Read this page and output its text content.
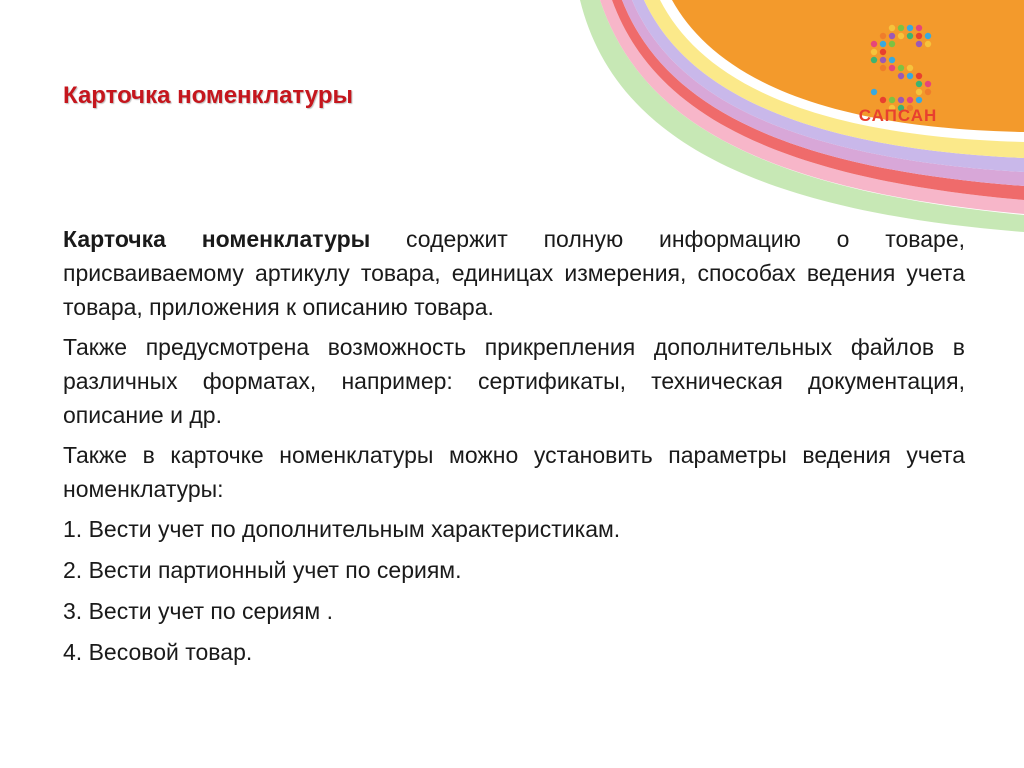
САПСАН
Карточка номенклатуры

Карточка номенклатуры содержит полную информацию о товаре, присваиваемому артикулу товара, единицах измерения, способах ведения учета товара, приложения к описанию товара.

Также предусмотрена возможность прикрепления дополнительных файлов в различных форматах, например: сертификаты, техническая документация, описание и др.

Также в карточке номенклатуры можно установить параметры ведения учета номенклатуры:

1. Вести учет по дополнительным характеристикам.

2. Вести партионный учет по сериям.

3. Вести учет по сериям .

4. Весовой товар.
